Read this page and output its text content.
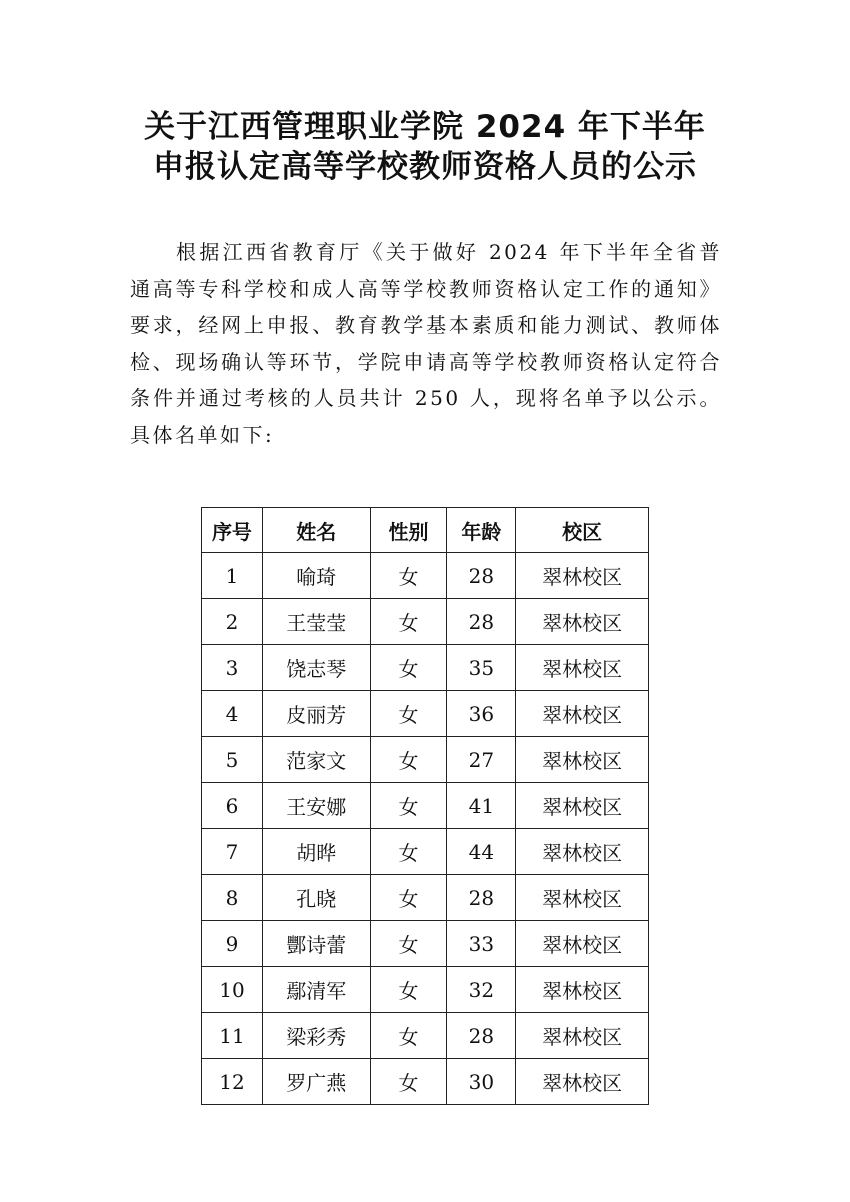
关于江西管理职业学院 2024 年下半年
申报认定高等学校教师资格人员的公示

根据江西省教育厅《关于做好 2024 年下半年全省普通高等专科学校和成人高等学校教师资格认定工作的通知》要求，经网上申报、教育教学基本素质和能力测试、教师体检、现场确认等环节，学院申请高等学校教师资格认定符合条件并通过考核的人员共计 250 人，现将名单予以公示。具体名单如下:

序号	姓名	性别	年龄	校区
1	喻琦	女	28	翠林校区
2	王莹莹	女	28	翠林校区
3	饶志琴	女	35	翠林校区
4	皮丽芳	女	36	翠林校区
5	范家文	女	27	翠林校区
6	王安娜	女	41	翠林校区
7	胡晔	女	44	翠林校区
8	孔晓	女	28	翠林校区
9	酆诗蕾	女	33	翠林校区
10	鄢清军	女	32	翠林校区
11	梁彩秀	女	28	翠林校区
12	罗广燕	女	30	翠林校区
